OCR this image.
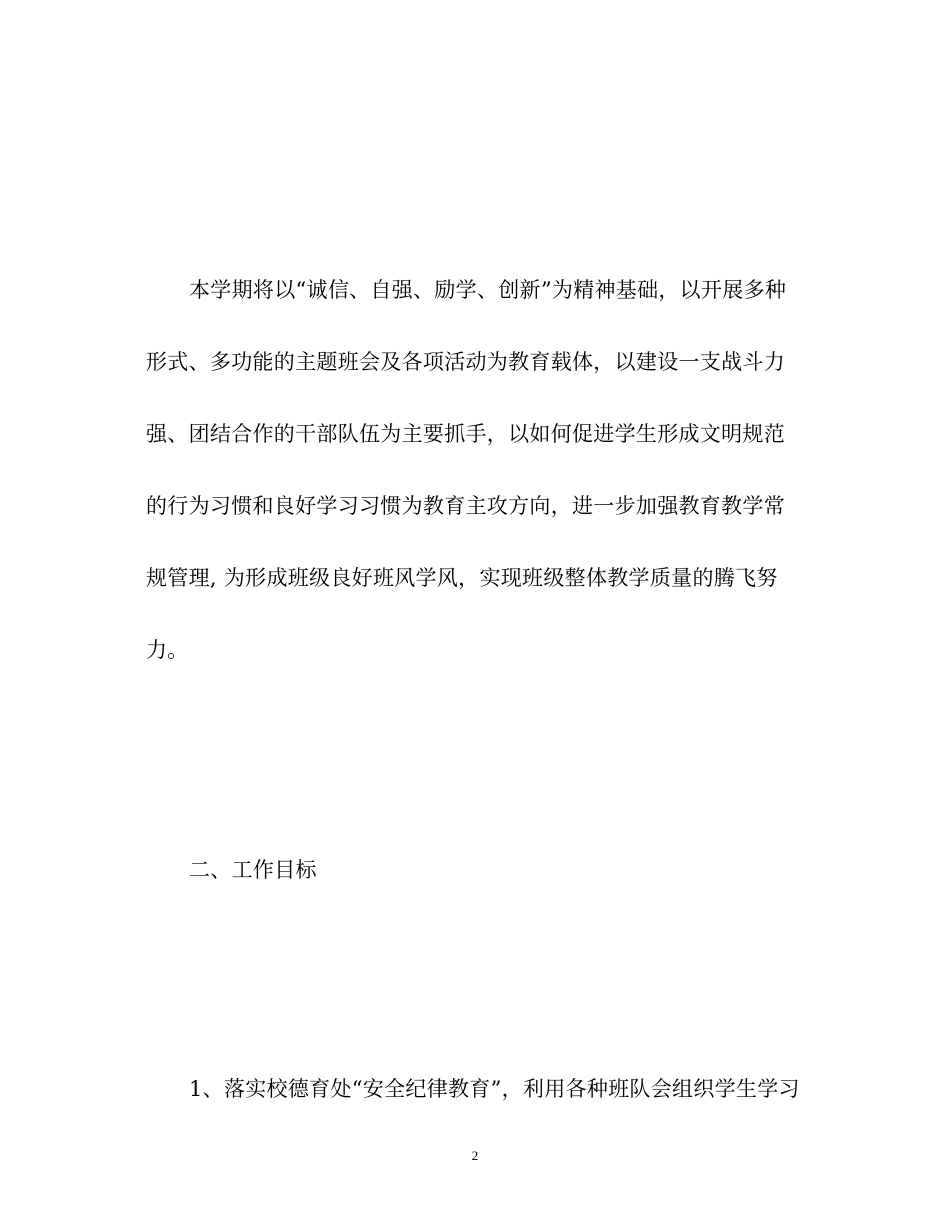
本学期将以“诚信、自强、励学、创新”为精神基础，以开展多种
形式、多功能的主题班会及各项活动为教育载体，以建设一支战斗力
强、团结合作的干部队伍为主要抓手，以如何促进学生形成文明规范
的行为习惯和良好学习习惯为教育主攻方向，进一步加强教育教学常
规管理, 为形成班级良好班风学风，实现班级整体教学质量的腾飞努
力。
二、工作目标
1、落实校德育处“安全纪律教育”，利用各种班队会组织学生学习
2
